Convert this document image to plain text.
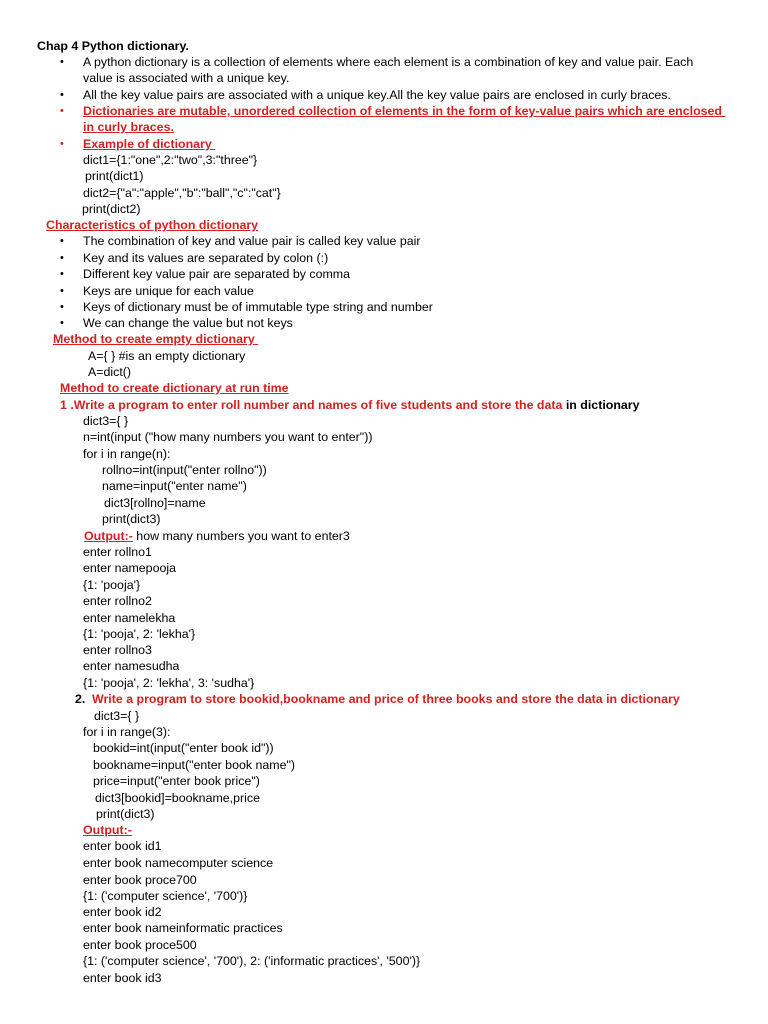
Chap 4 Python dictionary.
• A python dictionary is a collection of elements where each element is a combination of key and value pair. Each
value is associated with a unique key.
• All the key value pairs are associated with a unique key.All the key value pairs are enclosed in curly braces.
• Dictionaries are mutable, unordered collection of elements in the form of key-value pairs which are enclosed
in curly braces.
• Example of dictionary
dict1={1:"one",2:"two",3:"three"}
print(dict1)
dict2={"a":"apple","b":"ball","c":"cat"}
print(dict2)
Characteristics of python dictionary
• The combination of key and value pair is called key value pair
• Key and its values are separated by colon (:)
• Different key value pair are separated by comma
• Keys are unique for each value
• Keys of dictionary must be of immutable type string and number
• We can change the value but not keys
Method to create empty dictionary
A={ } #is an empty dictionary
A=dict()
Method to create dictionary at run time
1 .Write a program to enter roll number and names of five students and store the data in dictionary
dict3={ }
n=int(input ("how many numbers you want to enter"))
for i in range(n):
rollno=int(input("enter rollno"))
name=input("enter name")
dict3[rollno]=name
print(dict3)
Output:- how many numbers you want to enter3
enter rollno1
enter namepooja
{1: 'pooja'}
enter rollno2
enter namelekha
{1: 'pooja', 2: 'lekha'}
enter rollno3
enter namesudha
{1: 'pooja', 2: 'lekha', 3: 'sudha'}
2. Write a program to store bookid,bookname and price of three books and store the data in dictionary
dict3={ }
for i in range(3):
bookid=int(input("enter book id"))
bookname=input("enter book name")
price=input("enter book price")
dict3[bookid]=bookname,price
print(dict3)
Output:-
enter book id1
enter book namecomputer science
enter book proce700
{1: ('computer science', '700')}
enter book id2
enter book nameinformatic practices
enter book proce500
{1: ('computer science', '700'), 2: ('informatic practices', '500')}
enter book id3
